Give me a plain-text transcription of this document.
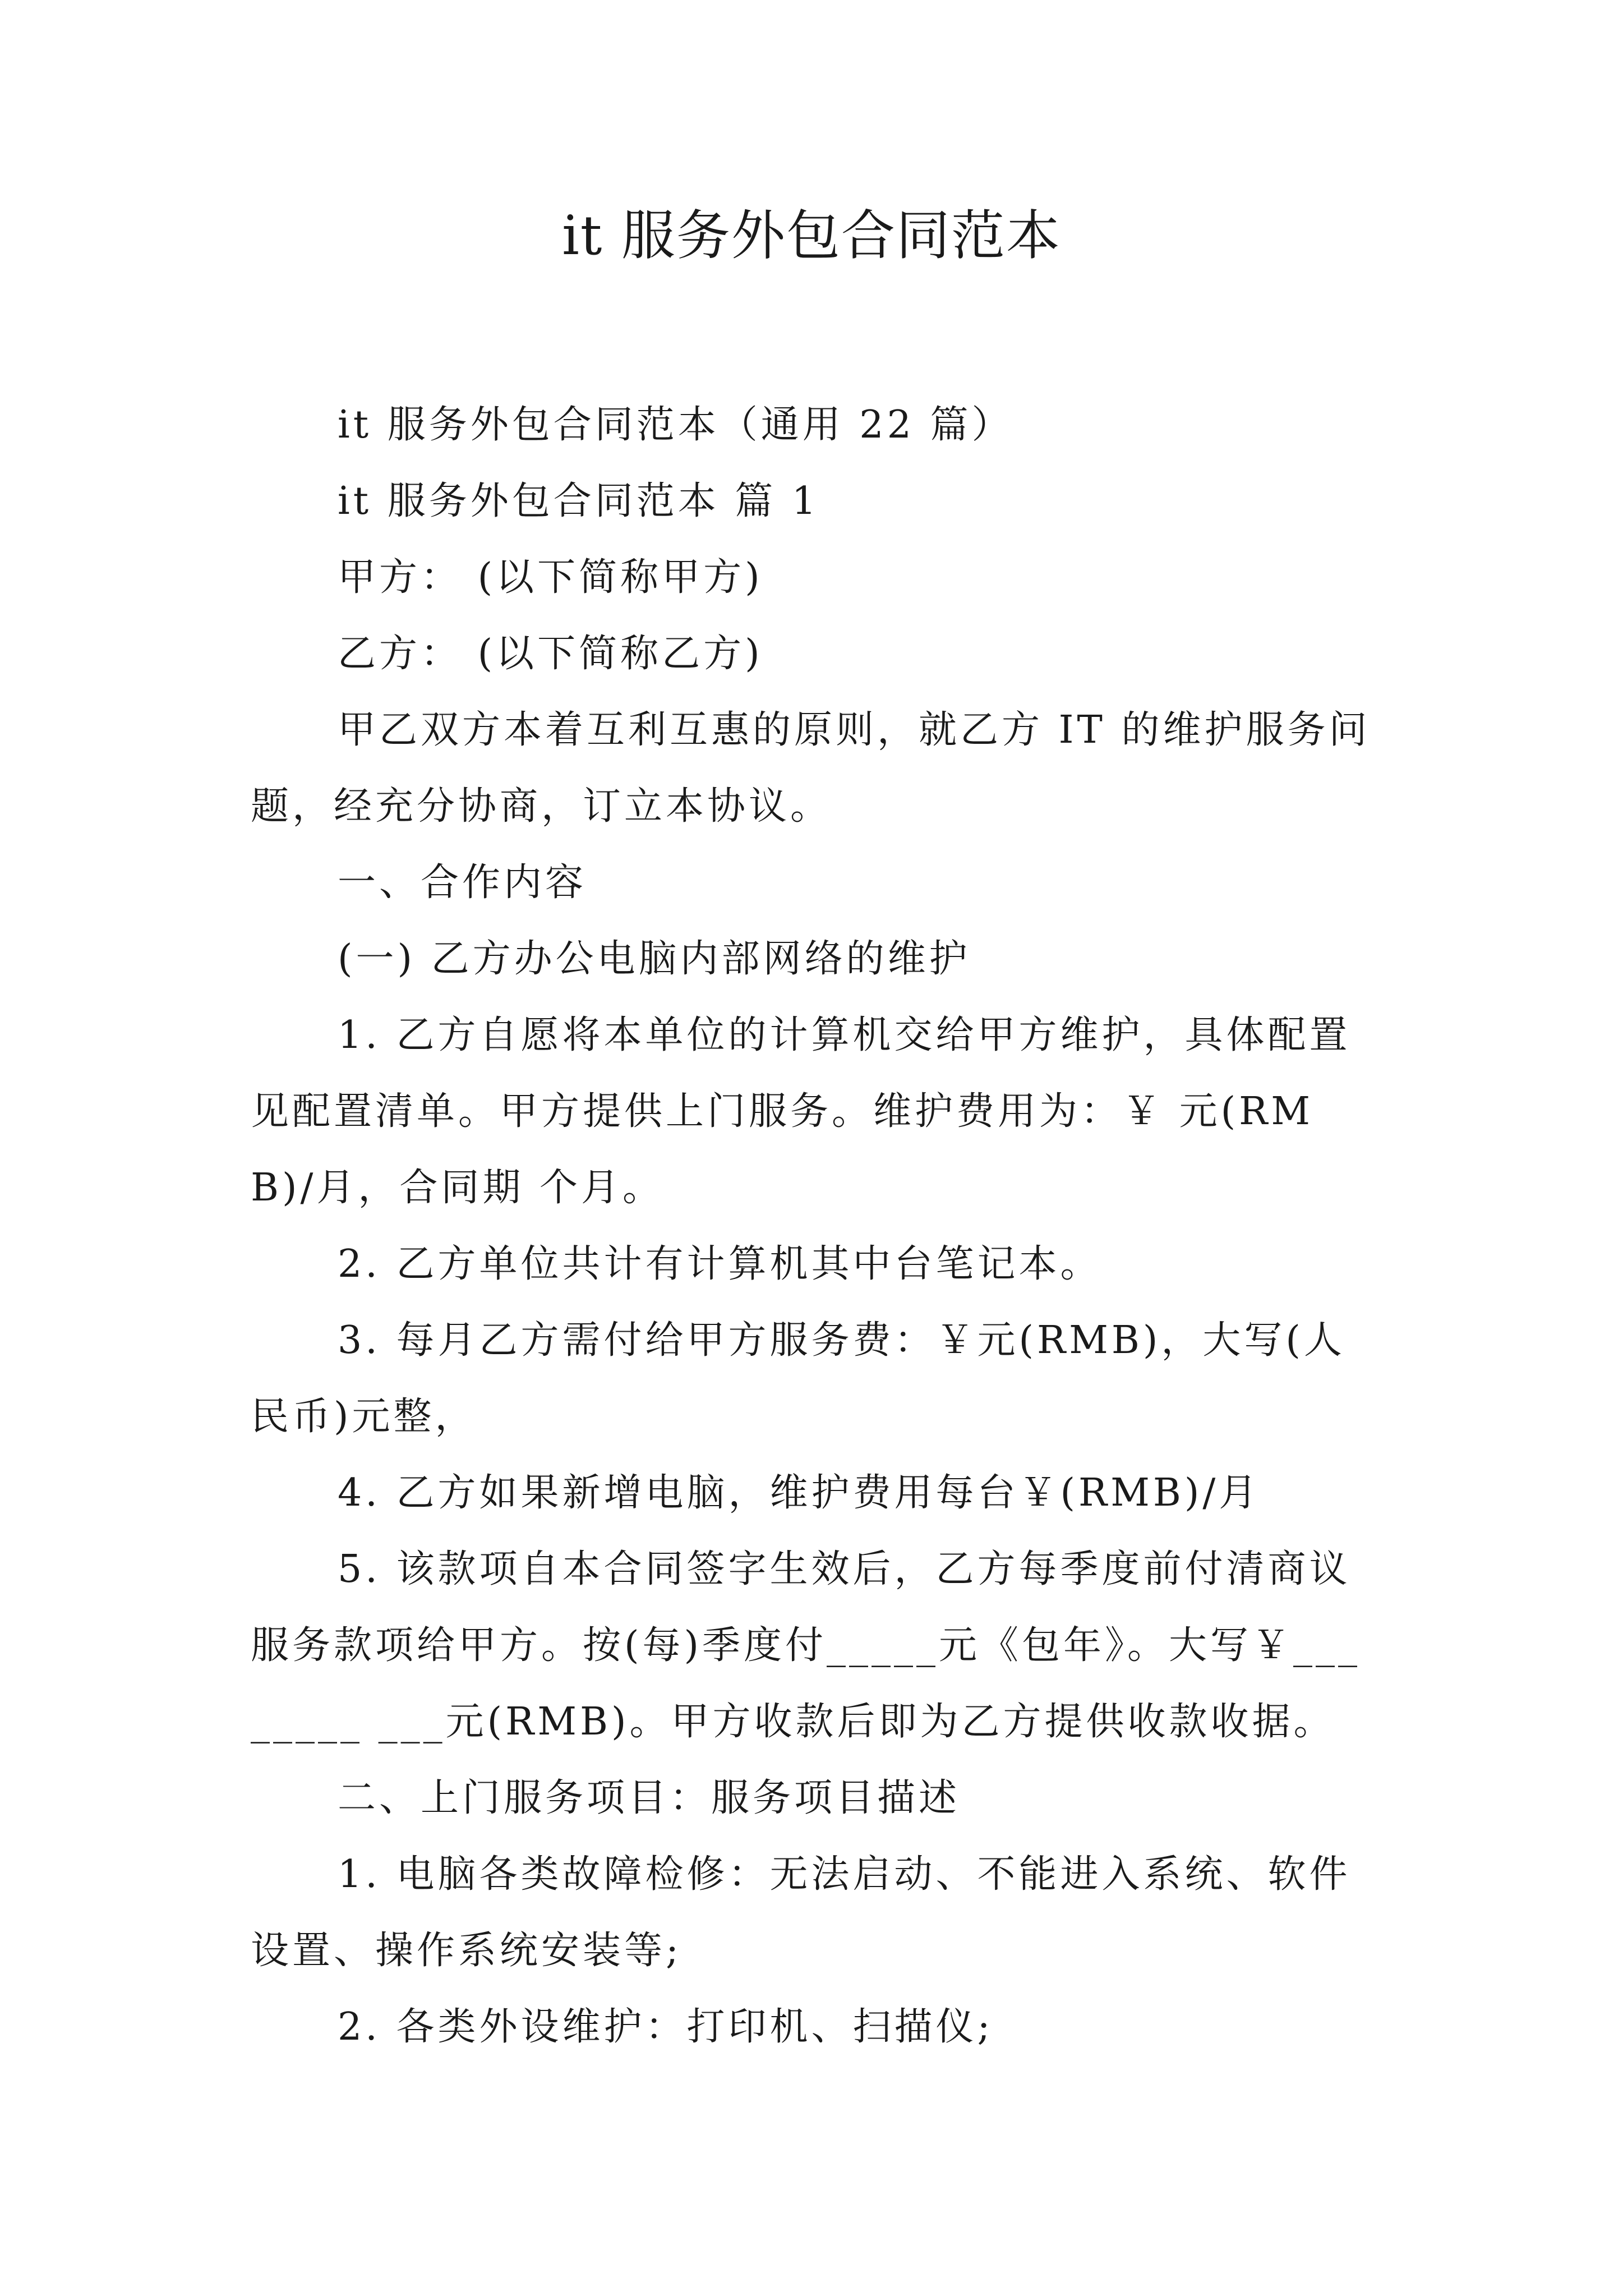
it 服务外包合同范本

it 服务外包合同范本（通用 22 篇）

it 服务外包合同范本 篇 1

甲方： (以下简称甲方)

乙方： (以下简称乙方)

甲乙双方本着互利互惠的原则，就乙方 IT 的维护服务问题，经充分协商，订立本协议。

一、合作内容

(一) 乙方办公电脑内部网络的维护

1. 乙方自愿将本单位的计算机交给甲方维护，具体配置见配置清单。甲方提供上门服务。维护费用为：￥ 元(RMB)/月，合同期 个月。

2. 乙方单位共计有计算机其中台笔记本。

3. 每月乙方需付给甲方服务费：￥元(RMB)，大写(人民币)元整，

4. 乙方如果新增电脑，维护费用每台￥(RMB)/月

5. 该款项自本合同签字生效后，乙方每季度前付清商议服务款项给甲方。按(每)季度付_____元《包年》。大写￥________ ___元(RMB)。甲方收款后即为乙方提供收款收据。

二、上门服务项目：服务项目描述

1. 电脑各类故障检修：无法启动、不能进入系统、软件设置、操作系统安装等;

2. 各类外设维护：打印机、扫描仪;
